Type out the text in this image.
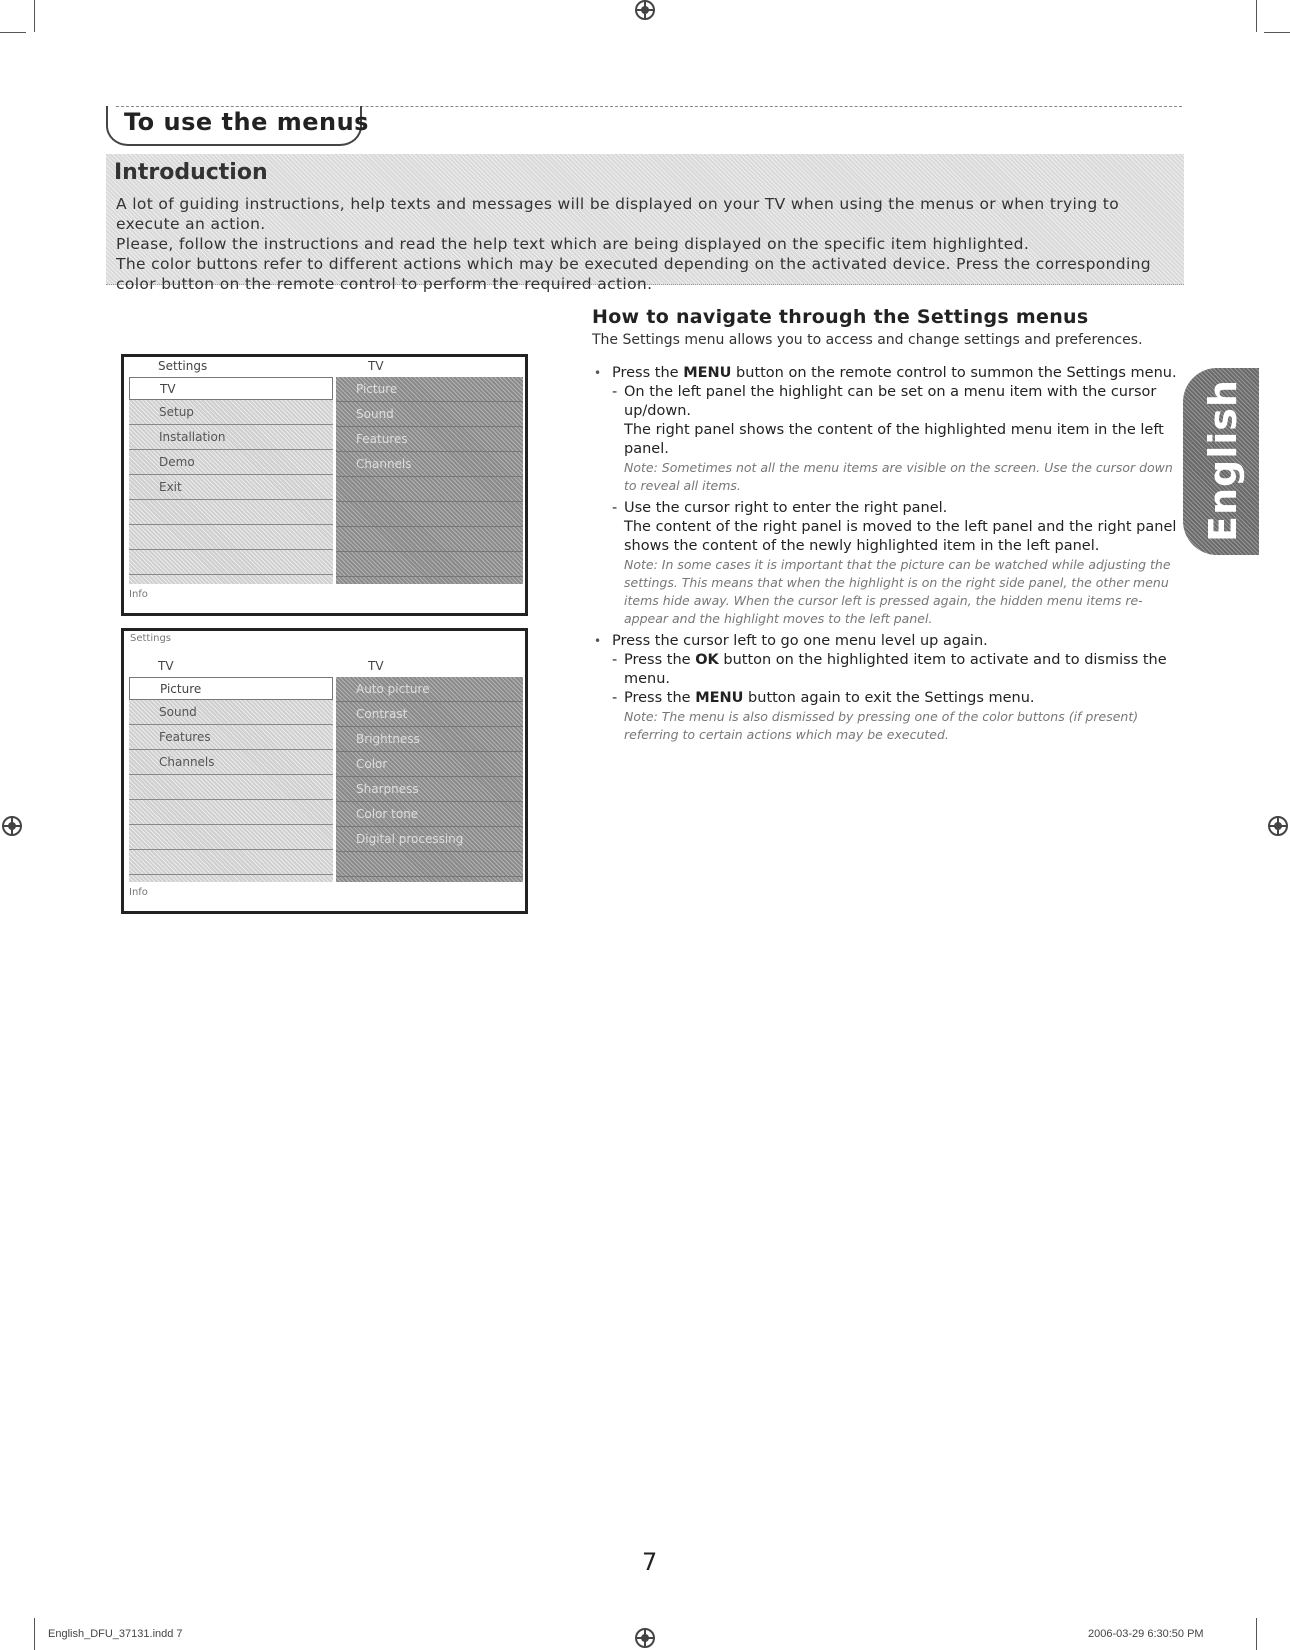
To use the menus
Introduction
A lot of guiding instructions, help texts and messages will be displayed on your TV when using the menus or when trying to execute an action.
Please, follow the instructions and read the help text which are being displayed on the specific item highlighted.
The color buttons refer to different actions which may be executed depending on the activated device. Press the corresponding color button on the remote control to perform the required action.
Settings	TV
TV
Setup
Installation
Demo
Exit
Picture
Sound
Features
Channels
Info
Settings
TV	TV
Picture
Sound
Features
Channels
Auto picture
Contrast
Brightness
Color
Sharpness
Color tone
Digital processing
Info
How to navigate through the Settings menus
The Settings menu allows you to access and change settings and preferences.
• Press the MENU button on the remote control to summon the Settings menu.
- On the left panel the highlight can be set on a menu item with the cursor up/down.
The right panel shows the content of the highlighted menu item in the left panel.
Note: Sometimes not all the menu items are visible on the screen. Use the cursor down to reveal all items.
- Use the cursor right to enter the right panel.
The content of the right panel is moved to the left panel and the right panel shows the content of the newly highlighted item in the left panel.
Note: In some cases it is important that the picture can be watched while adjusting the settings. This means that when the highlight is on the right side panel, the other menu items hide away. When the cursor left is pressed again, the hidden menu items re-appear and the highlight moves to the left panel.
• Press the cursor left to go one menu level up again.
- Press the OK button on the highlighted item to activate and to dismiss the menu.
- Press the MENU button again to exit the Settings menu.
Note: The menu is also dismissed by pressing one of the color buttons (if present) referring to certain actions which may be executed.
English
7
English_DFU_37131.indd 7	2006-03-29 6:30:50 PM
